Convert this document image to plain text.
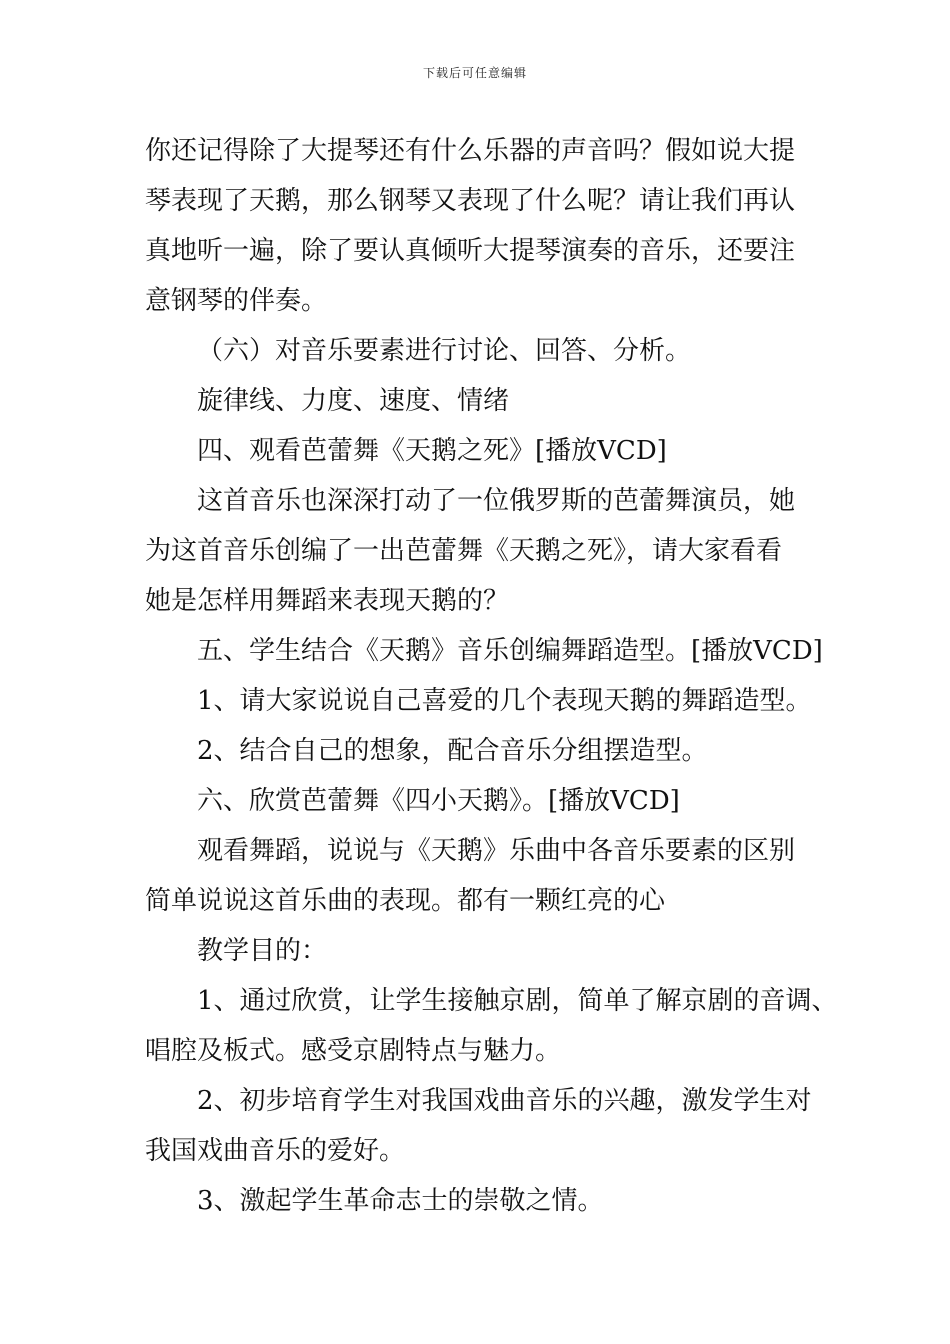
下载后可任意编辑
你还记得除了大提琴还有什么乐器的声音吗？假如说大提
琴表现了天鹅，那么钢琴又表现了什么呢？请让我们再认
真地听一遍，除了要认真倾听大提琴演奏的音乐，还要注
意钢琴的伴奏。
（六）对音乐要素进行讨论、回答、分析。
旋律线、力度、速度、情绪
四、观看芭蕾舞《天鹅之死》[播放VCD]
这首音乐也深深打动了一位俄罗斯的芭蕾舞演员，她
为这首音乐创编了一出芭蕾舞《天鹅之死》，请大家看看
她是怎样用舞蹈来表现天鹅的？
五、学生结合《天鹅》音乐创编舞蹈造型。[播放VCD]
1、请大家说说自己喜爱的几个表现天鹅的舞蹈造型。
2、结合自己的想象，配合音乐分组摆造型。
六、欣赏芭蕾舞《四小天鹅》。[播放VCD]
观看舞蹈，说说与《天鹅》乐曲中各音乐要素的区别
简单说说这首乐曲的表现。都有一颗红亮的心
教学目的：
1、通过欣赏，让学生接触京剧，简单了解京剧的音调、
唱腔及板式。感受京剧特点与魅力。
2、初步培育学生对我国戏曲音乐的兴趣，激发学生对
我国戏曲音乐的爱好。
3、激起学生革命志士的崇敬之情。
